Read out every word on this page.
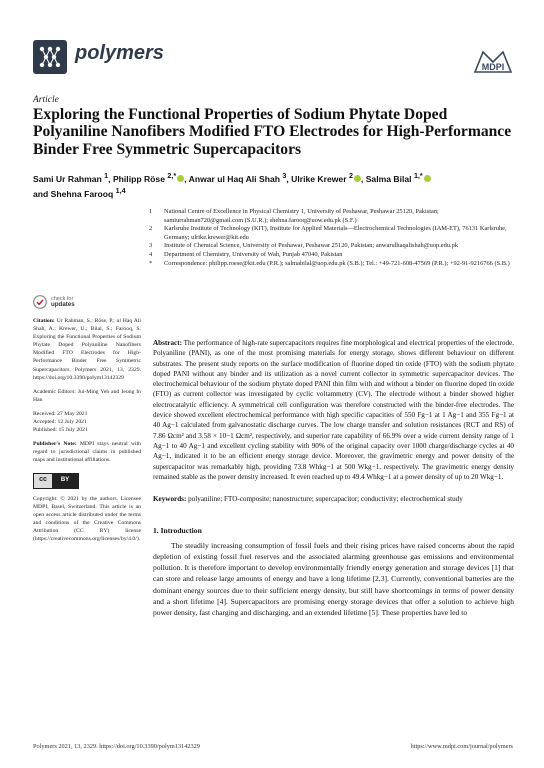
polymers
MDPI
Article
Exploring the Functional Properties of Sodium Phytate Doped Polyaniline Nanofibers Modified FTO Electrodes for High-Performance Binder Free Symmetric Supercapacitors
Sami Ur Rahman $^1$, Philipp Röse $^{2,*}$ , Anwar ul Haq Ali Shah $^3$, Ulrike Krewer $^2$ , Salma Bilal $^{1,*}$
and Shehna Farooq $^{1,4}$
1 National Centre of Excellence in Physical Chemistry 1, University of Peshawar, Peshawar 25120, Pakistan; samiurrahman720@gmail.com (S.U.R.); shehna.farooq@uow.edu.pk (S.F.)
2 Karlsruhe Institute of Technology (KIT), Institute for Applied Materials—Electrochemical Technologies (IAM-ET), 76131 Karlsruhe, Germany; ulrike.krewer@kit.edu
3 Institute of Chemical Science, University of Peshawar, Peshawar 25120, Pakistan; anwarulhaqalishah@uop.edu.pk
4 Department of Chemistry, University of Wah, Punjab 47040, Pakistan
* Correspondence: philipp.roese@kit.edu (P.R.); salmabilal@uop.edu.pk (S.B.); Tel.: +49-721-608-47569 (P.R.); +92-91-9216766 (S.B.)
check for
updates
Citation: Ur Rahman, S.; Röse, P.; ul Haq Ali Shah, A.; Krewer, U.; Bilal, S.; Farooq, S. Exploring the Functional Properties of Sodium Phytate Doped Polyaniline Nanofibers Modified FTO Electrodes for High-Performance Binder Free Symmetric Supercapacitors. Polymers 2021, 13, 2329. https://doi.org/10.3390/polym13142329
Academic Editors: Jui-Ming Yeh and Jeong In Han
Received: 27 May 2021
Accepted: 12 July 2021
Published: 15 July 2021
Publisher's Note: MDPI stays neutral with regard to jurisdictional claims in published maps and institutional affiliations.
cc	BY
Copyright: © 2021 by the authors. Licensee MDPI, Basel, Switzerland. This article is an open access article distributed under the terms and conditions of the Creative Commons Attribution (CC BY) license (https://creativecommons.org/licenses/by/4.0/).

Abstract: The performance of high-rate supercapacitors requires fine morphological and electrical properties of the electrode. Polyaniline (PANI), as one of the most promising materials for energy storage, shows different behaviour on different substrates. The present study reports on the surface modification of fluorine doped tin oxide (FTO) with the sodium phytate doped PANI without any binder and its utilization as a novel current collector in symmetric supercapacitor devices. The electrochemical behaviour of the sodium phytate doped PANI thin film with and without a binder on fluorine doped tin oxide (FTO) as current collector was investigated by cyclic voltammetry (CV). The electrode without a binder showed higher electrocatalytic efficiency. A symmetrical cell configuration was therefore constructed with the binder-free electrodes. The device showed excellent electrochemical performance with high specific capacities of 550 Fg−1 at 1 Ag−1 and 355 Fg−1 at 40 Ag−1 calculated from galvanostatic discharge curves. The low charge transfer and solution resistances (RCT and RS) of 7.86 Ωcm² and 3.58 × 10−1 Ωcm², respectively, and superior rate capability of 66.9% over a wide current density range of 1 Ag−1 to 40 Ag−1 and excellent cycling stability with 90% of the original capacity over 1000 charge/discharge cycles at 40 Ag−1, indicated it to be an efficient energy storage device. Moreover, the gravimetric energy and power density of the supercapacitor was remarkably high, providing 73.8 Whkg−1 at 500 Wkg−1, respectively. The gravimetric energy density remained stable as the power density increased. It even reached up to 49.4 Whkg−1 at a power density of up to 20 Wkg−1.

Keywords: polyaniline; FTO-composite; nanostructure; supercapacitor; conductivity; electrochemical study

1. Introduction

The steadily increasing consumption of fossil fuels and their rising prices have raised concerns about the rapid depletion of existing fossil fuel reserves and the associated alarming greenhouse gas emissions and environmental pollution. It is therefore important to develop environmentally friendly energy generation and storage devices [1] that can store and release large amounts of energy and have a long lifetime [2,3]. Currently, conventional batteries are the dominant energy sources due to their sufficient energy density, but still have shortcomings in terms of power density and a short lifetime [4]. Supercapacitors are promising energy storage devices that offer a solution to achieve high power density, fast charging and discharging, and an extended lifetime [5]. These properties have led to

Polymers 2021, 13, 2329. https://doi.org/10.3390/polym13142329	https://www.mdpi.com/journal/polymers
